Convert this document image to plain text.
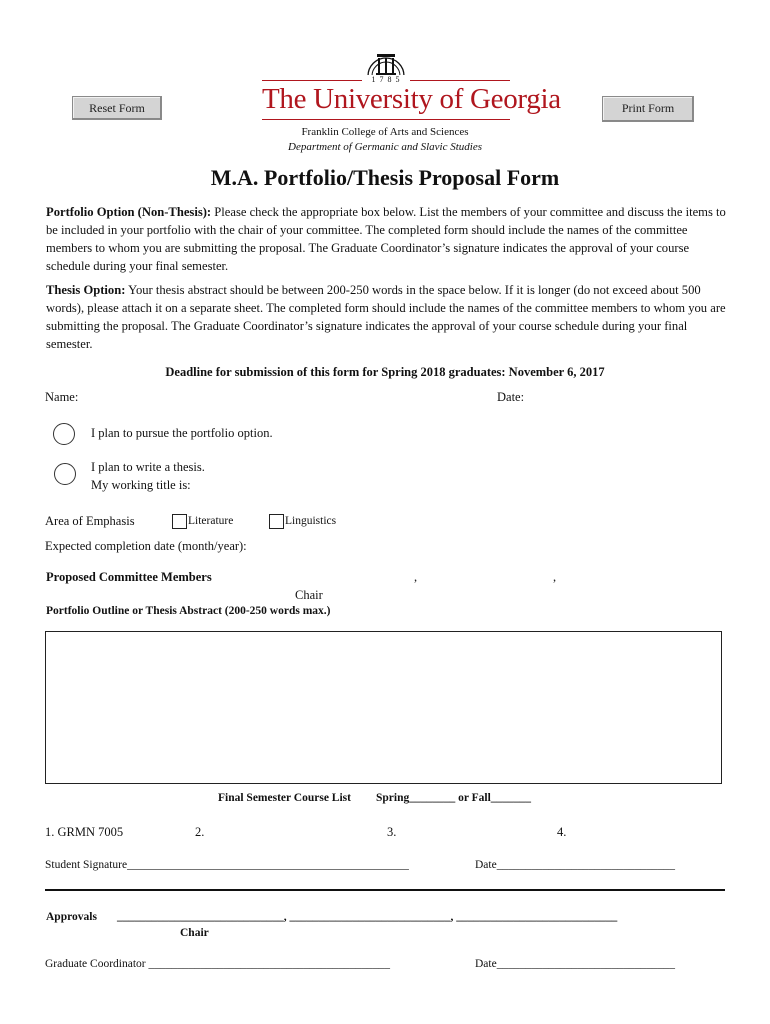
Reset Form	Print Form
1 7 8 5
The University of Georgia
Franklin College of Arts and Sciences
Department of Germanic and Slavic Studies
M.A. Portfolio/Thesis Proposal Form
Portfolio Option (Non-Thesis): Please check the appropriate box below. List the members of your committee and discuss the items to be included in your portfolio with the chair of your committee. The completed form should include the names of the committee members to whom you are submitting the proposal. The Graduate Coordinator’s signature indicates the approval of your course schedule during your final semester.
Thesis Option: Your thesis abstract should be between 200-250 words in the space below. If it is longer (do not exceed about 500 words), please attach it on a separate sheet. The completed form should include the names of the committee members to whom you are submitting the proposal. The Graduate Coordinator’s signature indicates the approval of your course schedule during your final semester.
Deadline for submission of this form for Spring 2018 graduates: November 6, 2017
Name:	Date:
I plan to pursue the portfolio option.
I plan to write a thesis.
My working title is:
Area of Emphasis	Literature	Linguistics
Expected completion date (month/year):
Proposed Committee Members	,	,
Chair
Portfolio Outline or Thesis Abstract (200-250 words max.)
Final Semester Course List Spring________ or Fall_______
1. GRMN 7005	2.	3.	4.
Student Signature_________________________________________________	Date_______________________________
Approvals _____________________________, ____________________________, ____________________________
Chair
Graduate Coordinator __________________________________________	Date_______________________________
